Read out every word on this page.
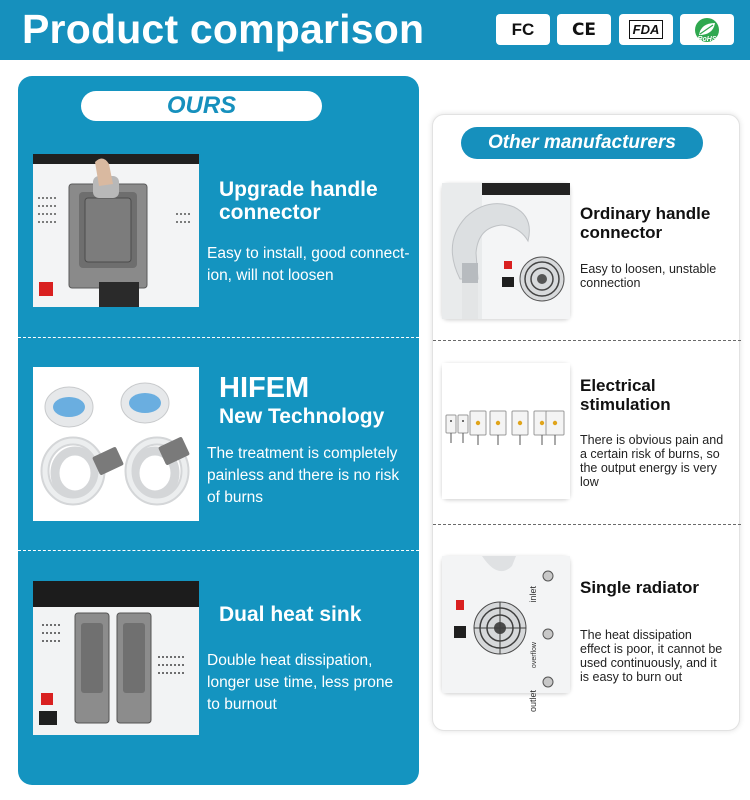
Product comparison	FC CE	FDA
RoHS
OURS
Upgrade handle
connector
Easy to install, good connect-
ion, will not loosen
HIFEM
New Technology
The treatment is completely
painless and there is no risk
of burns
Dual heat sink
Double heat dissipation,
longer use time, less prone
to burnout
Other manufacturers
Ordinary handle
connector
Easy to loosen, unstable
connection
Electrical
stimulation
There is obvious pain and
a certain risk of burns, so
the output energy is very
low
inlet
overflow
outlet
Single radiator
The heat dissipation
effect is poor, it cannot be
used continuously, and it
is easy to burn out
